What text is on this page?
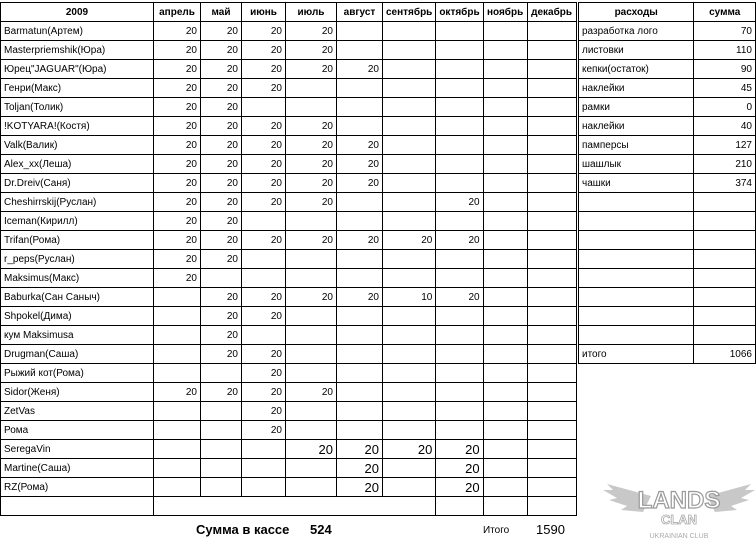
2009	апрель	май	июнь	июль	август	сентябрь	октябрь	ноябрь	декабрь
Barmatun(Артем)	20	20	20	20					
Masterpriemshik(Юра)	20	20	20	20					
Юрец"JAGUAR"(Юра)	20	20	20	20	20				
Генри(Макс)	20	20	20						
Toljan(Толик)	20	20							
!KOTYARA!(Костя)	20	20	20	20					
Valk(Валик)	20	20	20	20	20				
Alex_xx(Леша)	20	20	20	20	20				
Dr.Dreiv(Саня)	20	20	20	20	20				
Cheshirrskij(Руслан)	20	20	20	20			20		
Iceman(Кирилл)	20	20							
Trifan(Рома)	20	20	20	20	20	20	20		
r_peps(Руслан)	20	20							
Maksimus(Макс)	20								
Baburka(Сан Саныч)		20	20	20	20	10	20		
Shpokel(Дима)		20	20						
кум Maksimusa		20							
Drugman(Саша)		20	20						
Рыжий кот(Рома)			20						
Sidor(Женя)	20	20	20	20					
ZetVas			20						
Рома			20						
SeregaVin				20	20	20	20		
Martine(Саша)					20		20		
RZ(Рома)					20		20		

расходы	сумма
разработка лого	70
листовки	110
кепки(остаток)	90
наклейки	45
рамки	0
наклейки	40
памперсы	127
шашлык	210
чашки	374

итого	1066

Сумма в кассе 524	Итого 1590
LANDS
CLAN
UKRAINIAN CLUB
